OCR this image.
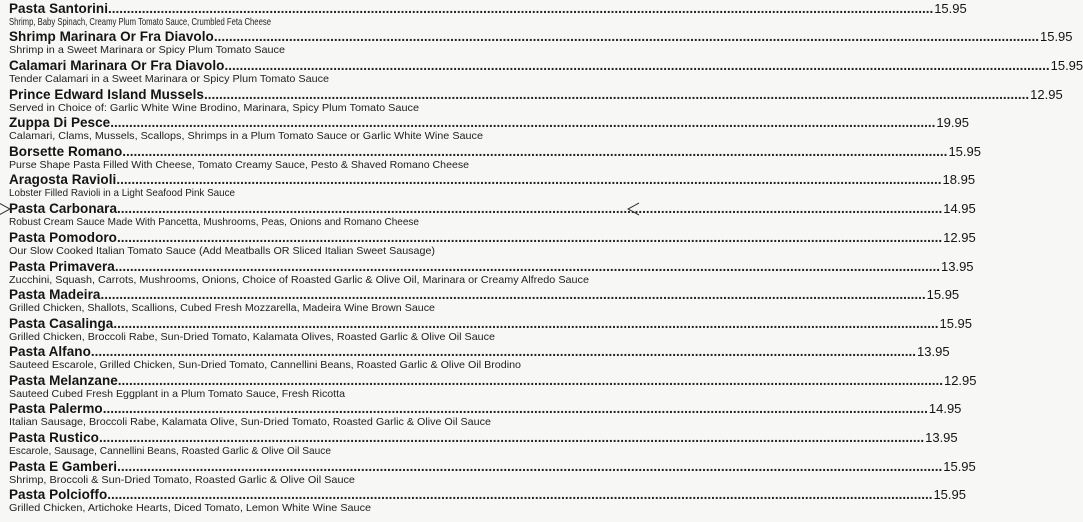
Pasta Santorini ............................................................................................................................................................................................................................ 15.95
Shrimp, Baby Spinach, Creamy Plum Tomato Sauce, Crumbled Feta Cheese
Shrimp Marinara Or Fra Diavolo ............................................................................................................................................................................................................................ 15.95
Shrimp in a Sweet Marinara or Spicy Plum Tomato Sauce
Calamari Marinara Or Fra Diavolo ............................................................................................................................................................................................................................ 15.95
Tender Calamari in a Sweet Marinara or Spicy Plum Tomato Sauce
Prince Edward Island Mussels ............................................................................................................................................................................................................................ 12.95
Served in Choice of: Garlic White Wine Brodino, Marinara, Spicy Plum Tomato Sauce
Zuppa Di Pesce ............................................................................................................................................................................................................................ 19.95
Calamari, Clams, Mussels, Scallops, Shrimps in a Plum Tomato Sauce or Garlic White Wine Sauce
Borsette Romano ............................................................................................................................................................................................................................ 15.95
Purse Shape Pasta Filled With Cheese, Tomato Creamy Sauce, Pesto & Shaved Romano Cheese
Aragosta Ravioli ............................................................................................................................................................................................................................ 18.95
Lobster Filled Ravioli in a Light Seafood Pink Sauce
Pasta Carbonara ............................................................................................................................................................................................................................ 14.95
Robust Cream Sauce Made With Pancetta, Mushrooms, Peas, Onions and Romano Cheese
Pasta Pomodoro ............................................................................................................................................................................................................................ 12.95
Our Slow Cooked Italian Tomato Sauce (Add Meatballs OR Sliced Italian Sweet Sausage)
Pasta Primavera ............................................................................................................................................................................................................................ 13.95
Zucchini, Squash, Carrots, Mushrooms, Onions, Choice of Roasted Garlic & Olive Oil, Marinara or Creamy Alfredo Sauce
Pasta Madeira ............................................................................................................................................................................................................................ 15.95
Grilled Chicken, Shallots, Scallions, Cubed Fresh Mozzarella, Madeira Wine Brown Sauce
Pasta Casalinga ............................................................................................................................................................................................................................ 15.95
Grilled Chicken, Broccoli Rabe, Sun-Dried Tomato, Kalamata Olives, Roasted Garlic & Olive Oil Sauce
Pasta Alfano ............................................................................................................................................................................................................................ 13.95
Sauteed Escarole, Grilled Chicken, Sun-Dried Tomato, Cannellini Beans, Roasted Garlic & Olive Oil Brodino
Pasta Melanzane ............................................................................................................................................................................................................................ 12.95
Sauteed Cubed Fresh Eggplant in a Plum Tomato Sauce, Fresh Ricotta
Pasta Palermo ............................................................................................................................................................................................................................ 14.95
Italian Sausage, Broccoli Rabe, Kalamata Olive, Sun-Dried Tomato, Roasted Garlic & Olive Oil Sauce
Pasta Rustico ............................................................................................................................................................................................................................ 13.95
Escarole, Sausage, Cannellini Beans, Roasted Garlic & Olive Oil Sauce
Pasta E Gamberi ............................................................................................................................................................................................................................ 15.95
Shrimp, Broccoli & Sun-Dried Tomato, Roasted Garlic & Olive Oil Sauce
Pasta Polcioffo ............................................................................................................................................................................................................................ 15.95
Grilled Chicken, Artichoke Hearts, Diced Tomato, Lemon White Wine Sauce
